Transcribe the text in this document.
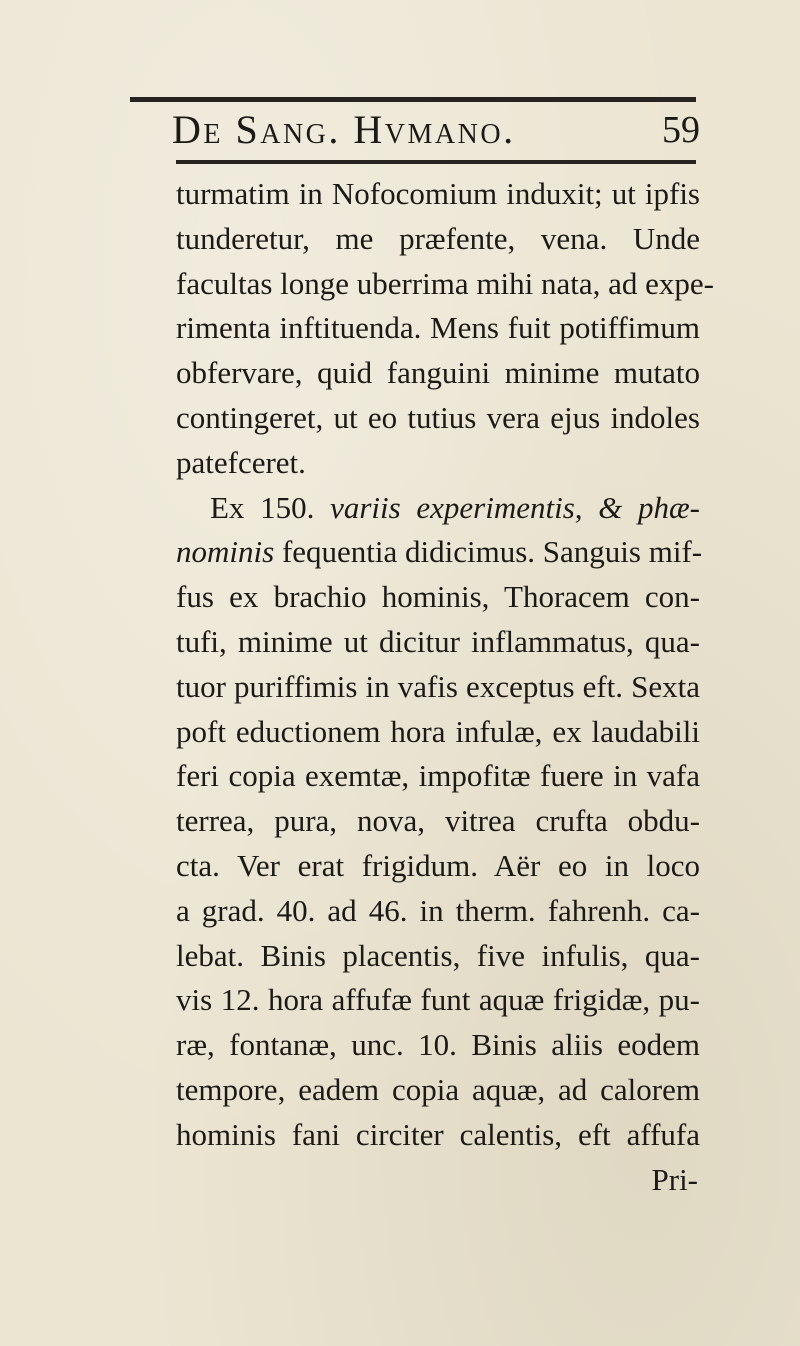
De Sang. Hvmano.	59
turmatim in Nofocomium induxit; ut ipfis
tunderetur, me præfente, vena. Unde
facultas longe uberrima mihi nata, ad expe-
rimenta inftituenda. Mens fuit potiffimum
obfervare, quid fanguini minime mutato
contingeret, ut eo tutius vera ejus indoles
patefceret.
Ex 150. variis experimentis, & phæ-
nominis fequentia didicimus. Sanguis mif-
fus ex brachio hominis, Thoracem con-
tufi, minime ut dicitur inflammatus, qua-
tuor puriffimis in vafis exceptus eft. Sexta
poft eductionem hora infulæ, ex laudabili
feri copia exemtæ, impofitæ fuere in vafa
terrea, pura, nova, vitrea crufta obdu-
cta. Ver erat frigidum. Aër eo in loco
a grad. 40. ad 46. in therm. fahrenh. ca-
lebat. Binis placentis, five infulis, qua-
vis 12. hora affufæ funt aquæ frigidæ, pu-
ræ, fontanæ, unc. 10. Binis aliis eodem
tempore, eadem copia aquæ, ad calorem
hominis fani circiter calentis, eft affufa
Pri-
